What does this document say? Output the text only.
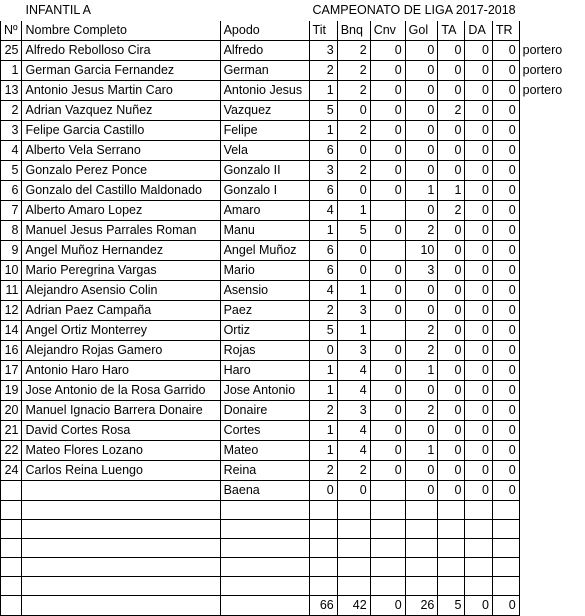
	INFANTIL A		CAMPEONATO DE LIGA 2017-2018							
Nº	Nombre Completo	Apodo	Tit	Bnq	Cnv	Gol	TA	DA	TR	
25	Alfredo Rebolloso Cira	Alfredo	3	2	0	0	0	0	0	portero
1	German Garcia Fernandez	German	2	2	0	0	0	0	0	portero
13	Antonio Jesus Martin Caro	Antonio Jesus	1	2	0	0	0	0	0	portero
2	Adrian Vazquez Nuñez	Vazquez	5	0	0	0	2	0	0	
3	Felipe Garcia Castillo	Felipe	1	2	0	0	0	0	0	
4	Alberto Vela Serrano	Vela	6	0	0	0	0	0	0	
5	Gonzalo Perez Ponce	Gonzalo II	3	2	0	0	0	0	0	
6	Gonzalo del Castillo Maldonado	Gonzalo I	6	0	0	1	1	0	0	
7	Alberto Amaro Lopez	Amaro	4	1		0	2	0	0	
8	Manuel Jesus Parrales Roman	Manu	1	5	0	2	0	0	0	
9	Angel Muñoz Hernandez	Angel Muñoz	6	0		10	0	0	0	
10	Mario Peregrina Vargas	Mario	6	0	0	3	0	0	0	
11	Alejandro Asensio Colin	Asensio	4	1	0	0	0	0	0	
12	Adrian Paez Campaña	Paez	2	3	0	0	0	0	0	
14	Angel Ortiz Monterrey	Ortiz	5	1		2	0	0	0	
16	Alejandro Rojas Gamero	Rojas	0	3	0	2	0	0	0	
17	Antonio Haro Haro	Haro	1	4	0	1	0	0	0	
19	Jose Antonio de la Rosa Garrido	Jose Antonio	1	4	0	0	0	0	0	
20	Manuel Ignacio Barrera Donaire	Donaire	2	3	0	2	0	0	0	
21	David Cortes Rosa	Cortes	1	4	0	0	0	0	0	
22	Mateo Flores Lozano	Mateo	1	4	0	1	0	0	0	
24	Carlos Reina Luengo	Reina	2	2	0	0	0	0	0	
		Baena	0	0		0	0	0	0	

			66	42	0	26	5	0	0	
